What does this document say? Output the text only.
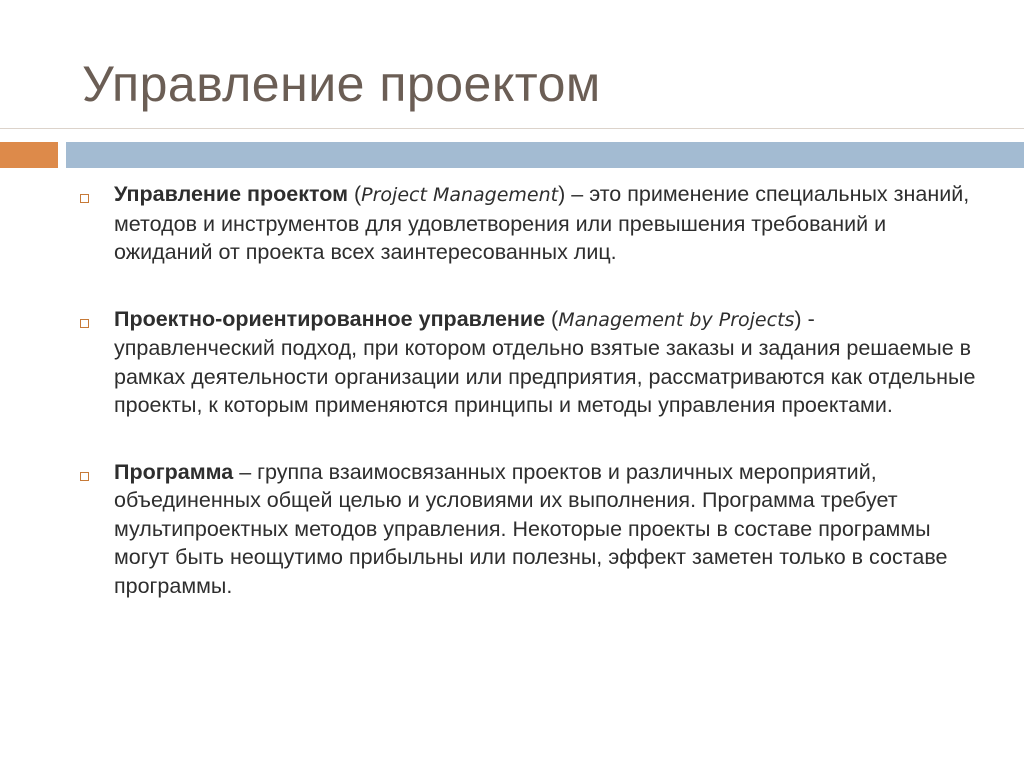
Управление проектом
Управление проектом (Project Management) – это применение специальных знаний, методов и инструментов для удовлетворения или превышения требований и ожиданий от проекта всех заинтересованных лиц.
Проектно-ориентированное управление (Management by Projects) - управленческий подход, при котором отдельно взятые заказы и задания решаемые в рамках деятельности организации или предприятия, рассматриваются как отдельные проекты, к которым применяются принципы и методы управления проектами.
Программа – группа взаимосвязанных проектов и различных мероприятий, объединенных общей целью и условиями их выполнения. Программа требует мультипроектных методов управления. Некоторые проекты в составе программы могут быть неощутимо прибыльны или полезны, эффект заметен только в составе программы.
